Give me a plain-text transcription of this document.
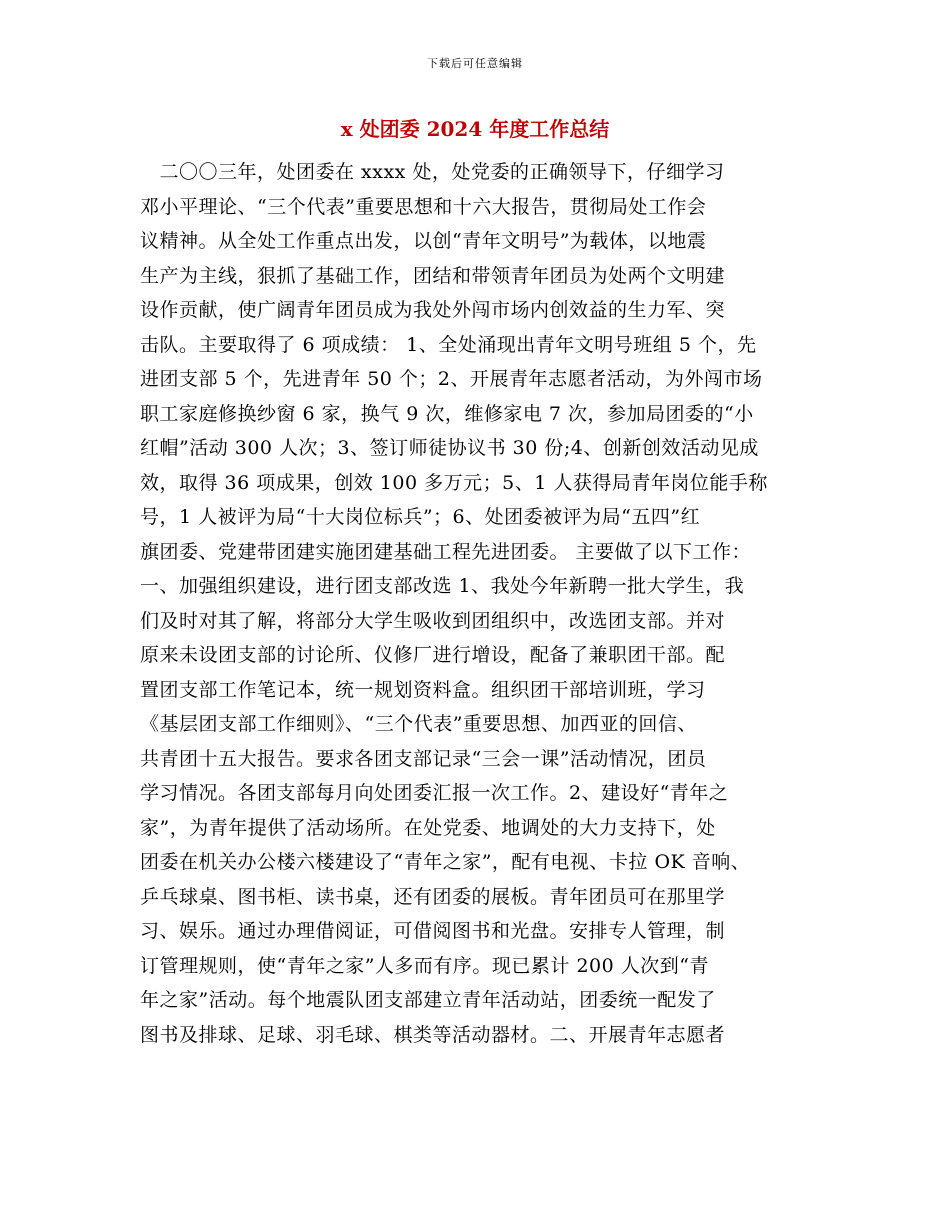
下载后可任意编辑
x 处团委 2024 年度工作总结
　二〇〇三年，处团委在 xxxx 处，处党委的正确领导下，仔细学习
邓小平理论、“三个代表”重要思想和十六大报告，贯彻局处工作会
议精神。从全处工作重点出发，以创“青年文明号”为载体，以地震
生产为主线，狠抓了基础工作，团结和带领青年团员为处两个文明建
设作贡献，使广阔青年团员成为我处外闯市场内创效益的生力军、突
击队。主要取得了 6 项成绩： 1、全处涌现出青年文明号班组 5 个，先
进团支部 5 个，先进青年 50 个；2、开展青年志愿者活动，为外闯市场
职工家庭修换纱窗 6 家，换气 9 次，维修家电 7 次，参加局团委的“小
红帽”活动 300 人次；3、签订师徒协议书 30 份;4、创新创效活动见成
效，取得 36 项成果，创效 100 多万元；5、1 人获得局青年岗位能手称
号，1 人被评为局“十大岗位标兵”；6、处团委被评为局“五四”红
旗团委、党建带团建实施团建基础工程先进团委。 主要做了以下工作：
一、加强组织建设，进行团支部改选 1、我处今年新聘一批大学生，我
们及时对其了解，将部分大学生吸收到团组织中，改选团支部。并对
原来未设团支部的讨论所、仪修厂进行增设，配备了兼职团干部。配
置团支部工作笔记本，统一规划资料盒。组织团干部培训班，学习
《基层团支部工作细则》、“三个代表”重要思想、加西亚的回信、
共青团十五大报告。要求各团支部记录“三会一课”活动情况，团员
学习情况。各团支部每月向处团委汇报一次工作。2、建设好“青年之
家”，为青年提供了活动场所。在处党委、地调处的大力支持下，处
团委在机关办公楼六楼建设了“青年之家”，配有电视、卡拉 OK 音响、
乒乓球桌、图书柜、读书桌，还有团委的展板。青年团员可在那里学
习、娱乐。通过办理借阅证，可借阅图书和光盘。安排专人管理，制
订管理规则，使“青年之家”人多而有序。现已累计 200 人次到“青
年之家”活动。每个地震队团支部建立青年活动站，团委统一配发了
图书及排球、足球、羽毛球、棋类等活动器材。二、开展青年志愿者
